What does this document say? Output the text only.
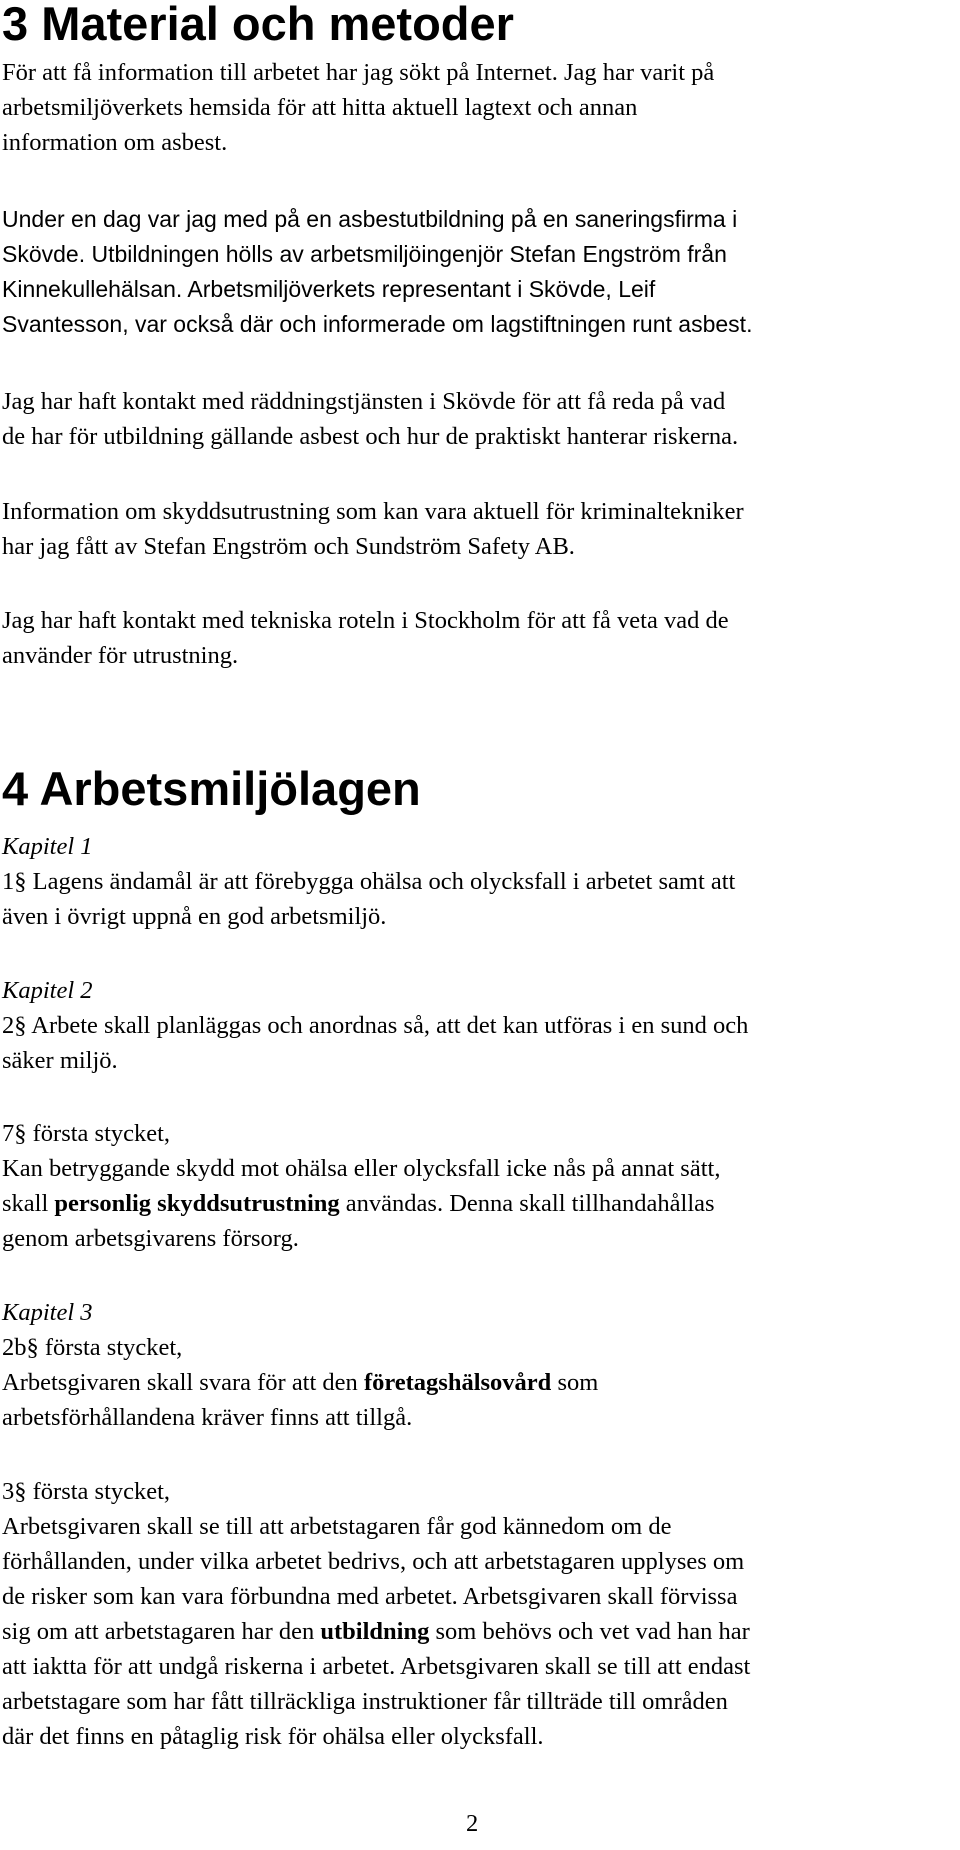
3 Material och metoder

För att få information till arbetet har jag sökt på Internet. Jag har varit på
arbetsmiljöverkets hemsida för att hitta aktuell lagtext och annan
information om asbest.

Under en dag var jag med på en asbestutbildning på en saneringsfirma i
Skövde. Utbildningen hölls av arbetsmiljöingenjör Stefan Engström från
Kinnekullehälsan. Arbetsmiljöverkets representant i Skövde, Leif
Svantesson, var också där och informerade om lagstiftningen runt asbest.

Jag har haft kontakt med räddningstjänsten i Skövde för att få reda på vad
de har för utbildning gällande asbest och hur de praktiskt hanterar riskerna.

Information om skyddsutrustning som kan vara aktuell för kriminaltekniker
har jag fått av Stefan Engström och Sundström Safety AB.

Jag har haft kontakt med tekniska roteln i Stockholm för att få veta vad de
använder för utrustning.

4 Arbetsmiljölagen

Kapitel 1
1§ Lagens ändamål är att förebygga ohälsa och olycksfall i arbetet samt att
även i övrigt uppnå en god arbetsmiljö.

Kapitel 2
2§ Arbete skall planläggas och anordnas så, att det kan utföras i en sund och
säker miljö.

7§ första stycket,
Kan betryggande skydd mot ohälsa eller olycksfall icke nås på annat sätt,
skall personlig skyddsutrustning användas. Denna skall tillhandahållas
genom arbetsgivarens försorg.

Kapitel 3
2b§ första stycket,
Arbetsgivaren skall svara för att den företagshälsovård som
arbetsförhållandena kräver finns att tillgå.

3§ första stycket,
Arbetsgivaren skall se till att arbetstagaren får god kännedom om de
förhållanden, under vilka arbetet bedrivs, och att arbetstagaren upplyses om
de risker som kan vara förbundna med arbetet. Arbetsgivaren skall förvissa
sig om att arbetstagaren har den utbildning som behövs och vet vad han har
att iaktta för att undgå riskerna i arbetet. Arbetsgivaren skall se till att endast
arbetstagare som har fått tillräckliga instruktioner får tillträde till områden
där det finns en påtaglig risk för ohälsa eller olycksfall.

2
